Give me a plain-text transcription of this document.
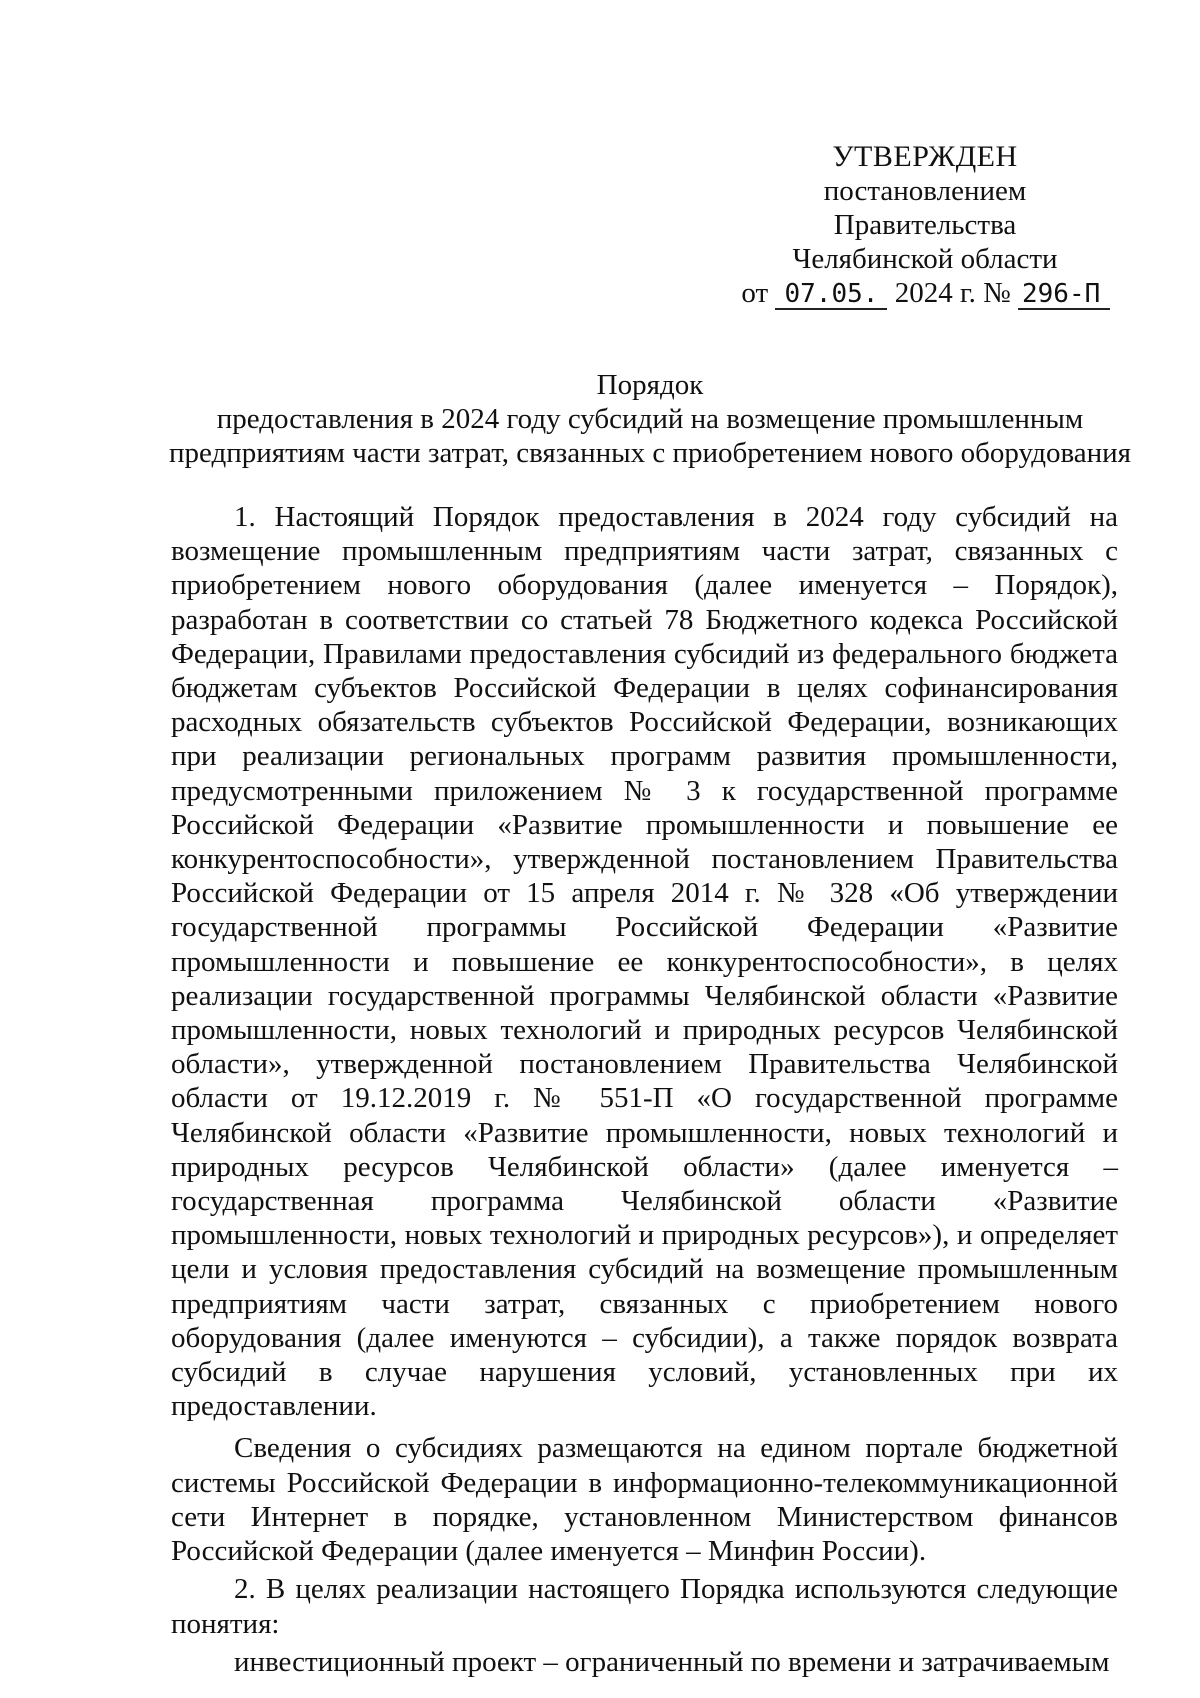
УТВЕРЖДЕН
постановлением Правительства
Челябинской области
от 07.05. 2024 г. № 296-П
Порядок
предоставления в 2024 году субсидий на возмещение промышленным
предприятиям части затрат, связанных с приобретением нового оборудования

1. Настоящий Порядок предоставления в 2024 году субсидий на возмещение промышленным предприятиям части затрат, связанных с приобретением нового оборудования (далее именуется – Порядок), разработан в соответствии со статьей 78 Бюджетного кодекса Российской Федерации, Правилами предоставления субсидий из федерального бюджета бюджетам субъектов Российской Федерации в целях софинансирования расходных обязательств субъектов Российской Федерации, возникающих при реализации региональных программ развития промышленности, предусмотренными приложением № 3 к государственной программе Российской Федерации «Развитие промышленности и повышение ее конкурентоспособности», утвержденной постановлением Правительства Российской Федерации от 15 апреля 2014 г. № 328 «Об утверждении государственной программы Российской Федерации «Развитие промышленности и повышение ее конкурентоспособности», в целях реализации государственной программы Челябинской области «Развитие промышленности, новых технологий и природных ресурсов Челябинской области», утвержденной постановлением Правительства Челябинской области от 19.12.2019 г. № 551-П «О государственной программе Челябинской области «Развитие промышленности, новых технологий и природных ресурсов Челябинской области» (далее именуется – государственная программа Челябинской области «Развитие промышленности, новых технологий и природных ресурсов»), и определяет цели и условия предоставления субсидий на возмещение промышленным предприятиям части затрат, связанных с приобретением нового оборудования (далее именуются – субсидии), а также порядок возврата субсидий в случае нарушения условий, установленных при их предоставлении.

Сведения о субсидиях размещаются на едином портале бюджетной системы Российской Федерации в информационно-телекоммуникационной сети Интернет в порядке, установленном Министерством финансов Российской Федерации (далее именуется – Минфин России).

2. В целях реализации настоящего Порядка используются следующие понятия:

инвестиционный проект – ограниченный по времени и затрачиваемым
